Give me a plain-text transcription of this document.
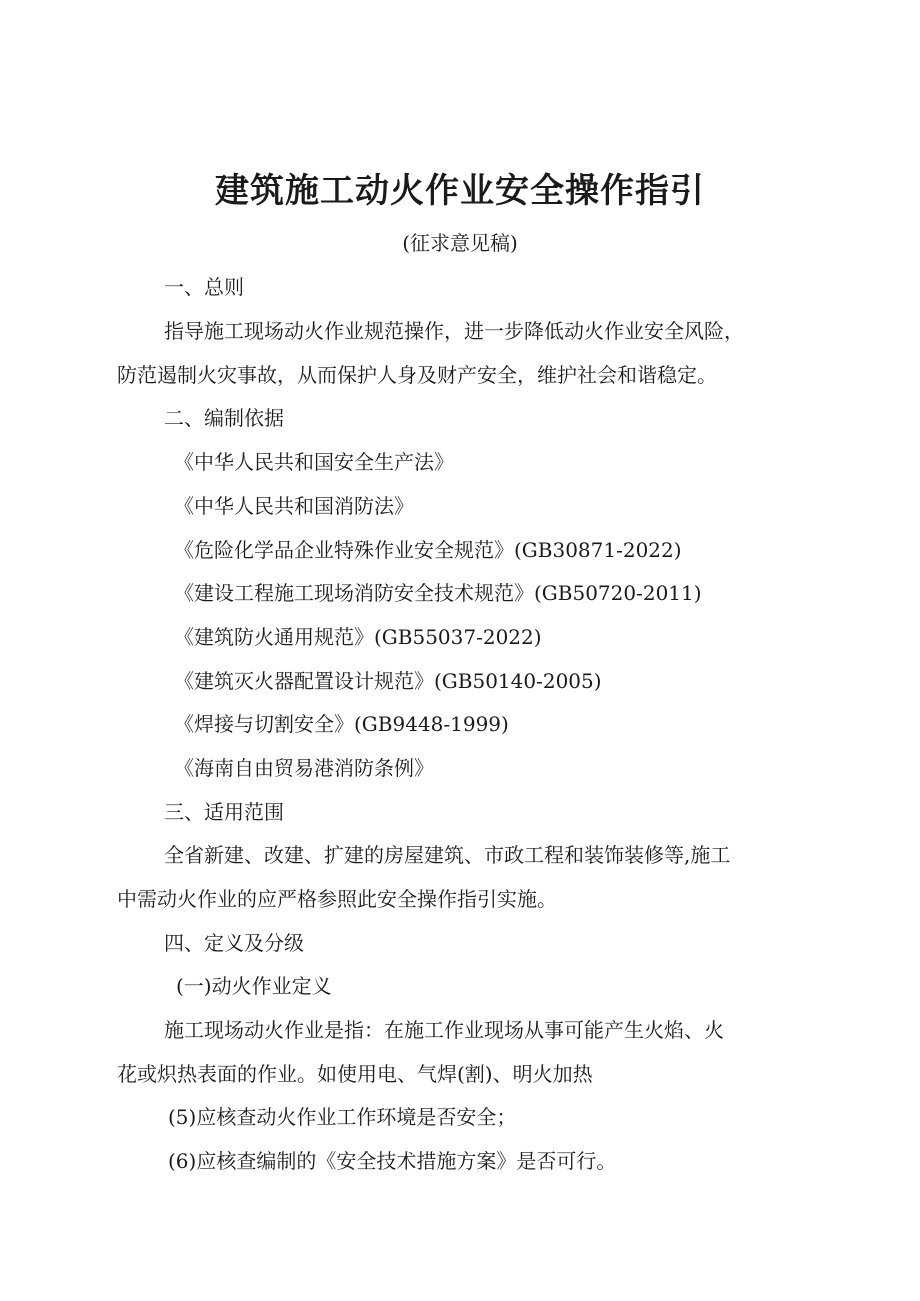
建筑施工动火作业安全操作指引
(征求意见稿)
一、总则
指导施工现场动火作业规范操作，进一步降低动火作业安全风险，
防范遏制火灾事故，从而保护人身及财产安全，维护社会和谐稳定。
二、编制依据
《中华人民共和国安全生产法》
《中华人民共和国消防法》
《危险化学品企业特殊作业安全规范》(GB30871-2022)
《建设工程施工现场消防安全技术规范》(GB50720-2011)
《建筑防火通用规范》(GB55037-2022)
《建筑灭火器配置设计规范》(GB50140-2005)
《焊接与切割安全》(GB9448-1999)
《海南自由贸易港消防条例》
三、适用范围
全省新建、改建、扩建的房屋建筑、市政工程和装饰装修等,施工
中需动火作业的应严格参照此安全操作指引实施。
四、定义及分级
(一)动火作业定义
施工现场动火作业是指：在施工作业现场从事可能产生火焰、火
花或炽热表面的作业。如使用电、气焊(割)、明火加热
(5)应核查动火作业工作环境是否安全；
(6)应核查编制的《安全技术措施方案》是否可行。
